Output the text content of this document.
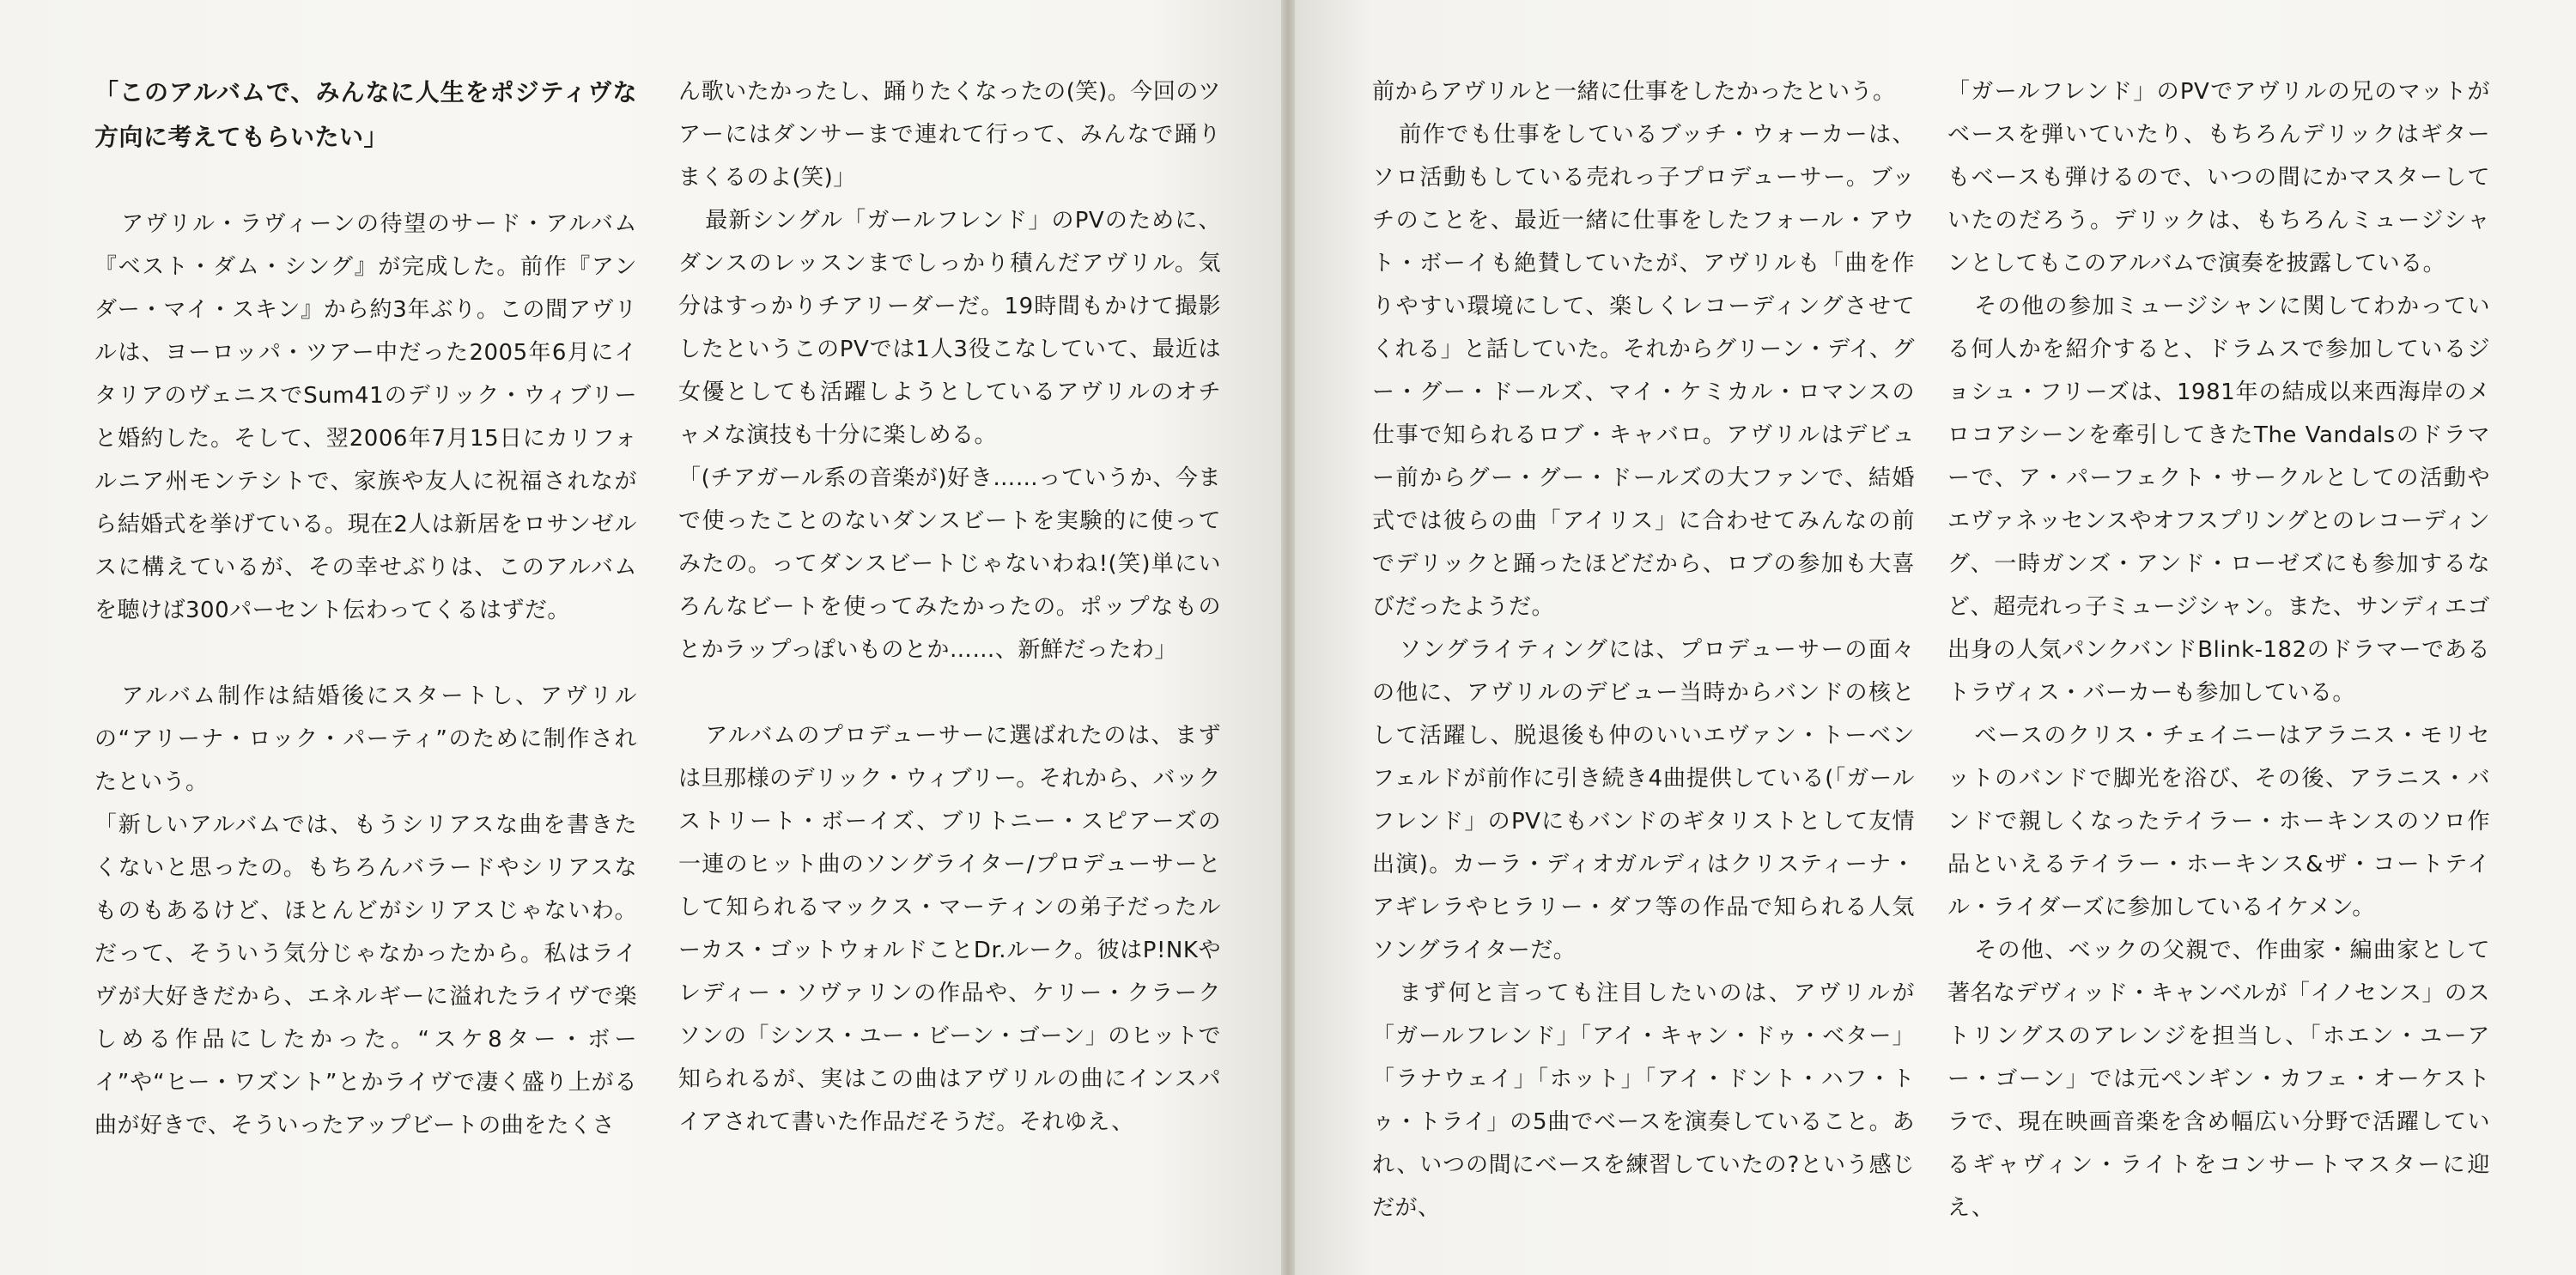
「このアルバムで、みんなに人生をポジティヴな方向に考えてもらいたい」

アヴリル・ラヴィーンの待望のサード・アルバム『ベスト・ダム・シング』が完成した。前作『アンダー・マイ・スキン』から約3年ぶり。この間アヴリルは、ヨーロッパ・ツアー中だった2005年6月にイタリアのヴェニスでSum41のデリック・ウィブリーと婚約した。そして、翌2006年7月15日にカリフォルニア州モンテシトで、家族や友人に祝福されながら結婚式を挙げている。現在2人は新居をロサンゼルスに構えているが、その幸せぶりは、このアルバムを聴けば300パーセント伝わってくるはずだ。

アルバム制作は結婚後にスタートし、アヴリルの“アリーナ・ロック・パーティ”のために制作されたという。

「新しいアルバムでは、もうシリアスな曲を書きたくないと思ったの。もちろんバラードやシリアスなものもあるけど、ほとんどがシリアスじゃないわ。だって、そういう気分じゃなかったから。私はライヴが大好きだから、エネルギーに溢れたライヴで楽しめる作品にしたかった。“スケ8ター・ボーイ”や“ヒー・ワズント”とかライヴで凄く盛り上がる曲が好きで、そういったアップビートの曲をたくさ

ん歌いたかったし、踊りたくなったの(笑)。今回のツアーにはダンサーまで連れて行って、みんなで踊りまくるのよ(笑)」

最新シングル「ガールフレンド」のPVのために、ダンスのレッスンまでしっかり積んだアヴリル。気分はすっかりチアリーダーだ。19時間もかけて撮影したというこのPVでは1人3役こなしていて、最近は女優としても活躍しようとしているアヴリルのオチャメな演技も十分に楽しめる。

「(チアガール系の音楽が)好き……っていうか、今まで使ったことのないダンスビートを実験的に使ってみたの。ってダンスビートじゃないわね!(笑)単にいろんなビートを使ってみたかったの。ポップなものとかラップっぽいものとか……、新鮮だったわ」

アルバムのプロデューサーに選ばれたのは、まずは旦那様のデリック・ウィブリー。それから、バックストリート・ボーイズ、ブリトニー・スピアーズの一連のヒット曲のソングライター/プロデューサーとして知られるマックス・マーティンの弟子だったルーカス・ゴットウォルドことDr.ルーク。彼はP!NKやレディー・ソヴァリンの作品や、ケリー・クラークソンの「シンス・ユー・ビーン・ゴーン」のヒットで知られるが、実はこの曲はアヴリルの曲にインスパイアされて書いた作品だそうだ。それゆえ、

前からアヴリルと一緒に仕事をしたかったという。

前作でも仕事をしているブッチ・ウォーカーは、ソロ活動もしている売れっ子プロデューサー。ブッチのことを、最近一緒に仕事をしたフォール・アウト・ボーイも絶賛していたが、アヴリルも「曲を作りやすい環境にして、楽しくレコーディングさせてくれる」と話していた。それからグリーン・デイ、グー・グー・ドールズ、マイ・ケミカル・ロマンスの仕事で知られるロブ・キャバロ。アヴリルはデビュー前からグー・グー・ドールズの大ファンで、結婚式では彼らの曲「アイリス」に合わせてみんなの前でデリックと踊ったほどだから、ロブの参加も大喜びだったようだ。

ソングライティングには、プロデューサーの面々の他に、アヴリルのデビュー当時からバンドの核として活躍し、脱退後も仲のいいエヴァン・トーベンフェルドが前作に引き続き4曲提供している(「ガールフレンド」のPVにもバンドのギタリストとして友情出演)。カーラ・ディオガルディはクリスティーナ・アギレラやヒラリー・ダフ等の作品で知られる人気ソングライターだ。

まず何と言っても注目したいのは、アヴリルが「ガールフレンド」「アイ・キャン・ドゥ・ベター」「ラナウェイ」「ホット」「アイ・ドント・ハフ・トゥ・トライ」の5曲でベースを演奏していること。あれ、いつの間にベースを練習していたの?という感じだが、

「ガールフレンド」のPVでアヴリルの兄のマットがベースを弾いていたり、もちろんデリックはギターもベースも弾けるので、いつの間にかマスターしていたのだろう。デリックは、もちろんミュージシャンとしてもこのアルバムで演奏を披露している。

その他の参加ミュージシャンに関してわかっている何人かを紹介すると、ドラムスで参加しているジョシュ・フリーズは、1981年の結成以来西海岸のメロコアシーンを牽引してきたThe Vandalsのドラマーで、ア・パーフェクト・サークルとしての活動やエヴァネッセンスやオフスプリングとのレコーディング、一時ガンズ・アンド・ローゼズにも参加するなど、超売れっ子ミュージシャン。また、サンディエゴ出身の人気パンクバンドBlink-182のドラマーであるトラヴィス・バーカーも参加している。

ベースのクリス・チェイニーはアラニス・モリセットのバンドで脚光を浴び、その後、アラニス・バンドで親しくなったテイラー・ホーキンスのソロ作品といえるテイラー・ホーキンス&ザ・コートテイル・ライダーズに参加しているイケメン。

その他、ベックの父親で、作曲家・編曲家として著名なデヴィッド・キャンベルが「イノセンス」のストリングスのアレンジを担当し、「ホエン・ユーアー・ゴーン」では元ペンギン・カフェ・オーケストラで、現在映画音楽を含め幅広い分野で活躍しているギャヴィン・ライトをコンサートマスターに迎え、
